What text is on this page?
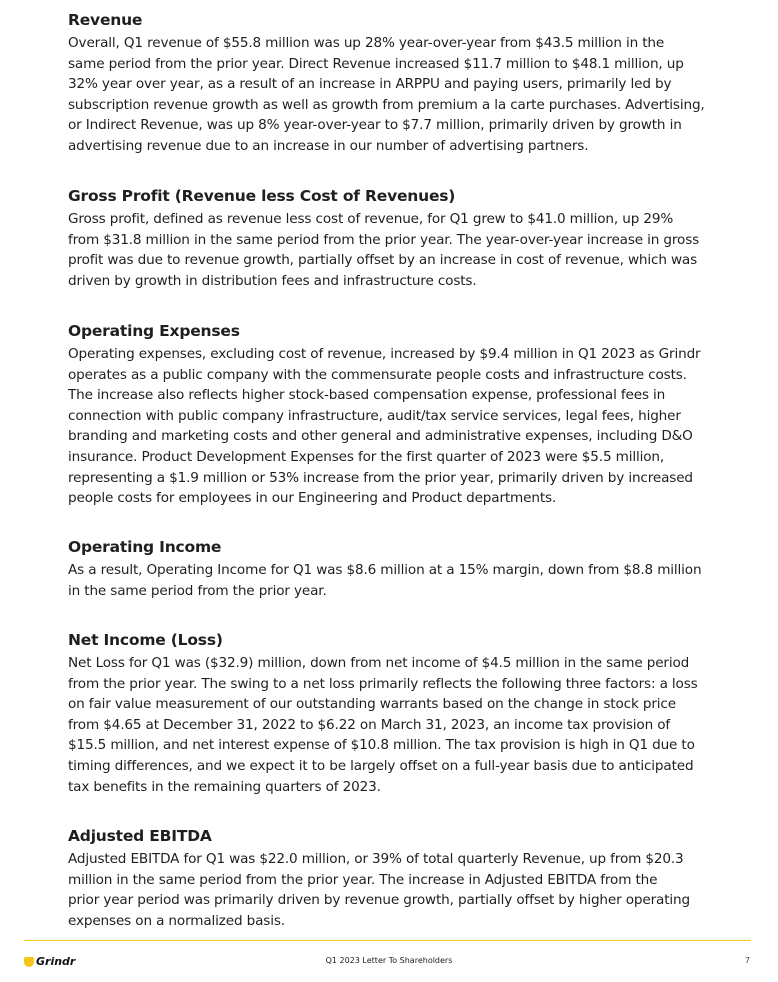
Revenue
Overall, Q1 revenue of $55.8 million was up 28% year-over-year from $43.5 million in the
same period from the prior year. Direct Revenue increased $11.7 million to $48.1 million, up
32% year over year, as a result of an increase in ARPPU and paying users, primarily led by
subscription revenue growth as well as growth from premium a la carte purchases. Advertising,
or Indirect Revenue, was up 8% year-over-year to $7.7 million, primarily driven by growth in
advertising revenue due to an increase in our number of advertising partners.
Gross Profit (Revenue less Cost of Revenues)
Gross profit, defined as revenue less cost of revenue, for Q1 grew to $41.0 million, up 29%
from $31.8 million in the same period from the prior year. The year-over-year increase in gross
profit was due to revenue growth, partially offset by an increase in cost of revenue, which was
driven by growth in distribution fees and infrastructure costs.
Operating Expenses
Operating expenses, excluding cost of revenue, increased by $9.4 million in Q1 2023 as Grindr
operates as a public company with the commensurate people costs and infrastructure costs.
The increase also reflects higher stock-based compensation expense, professional fees in
connection with public company infrastructure, audit/tax service services, legal fees, higher
branding and marketing costs and other general and administrative expenses, including D&O
insurance. Product Development Expenses for the first quarter of 2023 were $5.5 million,
representing a $1.9 million or 53% increase from the prior year, primarily driven by increased
people costs for employees in our Engineering and Product departments.
Operating Income
As a result, Operating Income for Q1 was $8.6 million at a 15% margin, down from $8.8 million
in the same period from the prior year.
Net Income (Loss)
Net Loss for Q1 was ($32.9) million, down from net income of $4.5 million in the same period
from the prior year. The swing to a net loss primarily reflects the following three factors: a loss
on fair value measurement of our outstanding warrants based on the change in stock price
from $4.65 at December 31, 2022 to $6.22 on March 31, 2023, an income tax provision of
$15.5 million, and net interest expense of $10.8 million. The tax provision is high in Q1 due to
timing differences, and we expect it to be largely offset on a full-year basis due to anticipated
tax benefits in the remaining quarters of 2023.
Adjusted EBITDA
Adjusted EBITDA for Q1 was $22.0 million, or 39% of total quarterly Revenue, up from $20.3
million in the same period from the prior year. The increase in Adjusted EBITDA from the
prior year period was primarily driven by revenue growth, partially offset by higher operating
expenses on a normalized basis.
Grindr	Q1 2023 Letter To Shareholders	7
